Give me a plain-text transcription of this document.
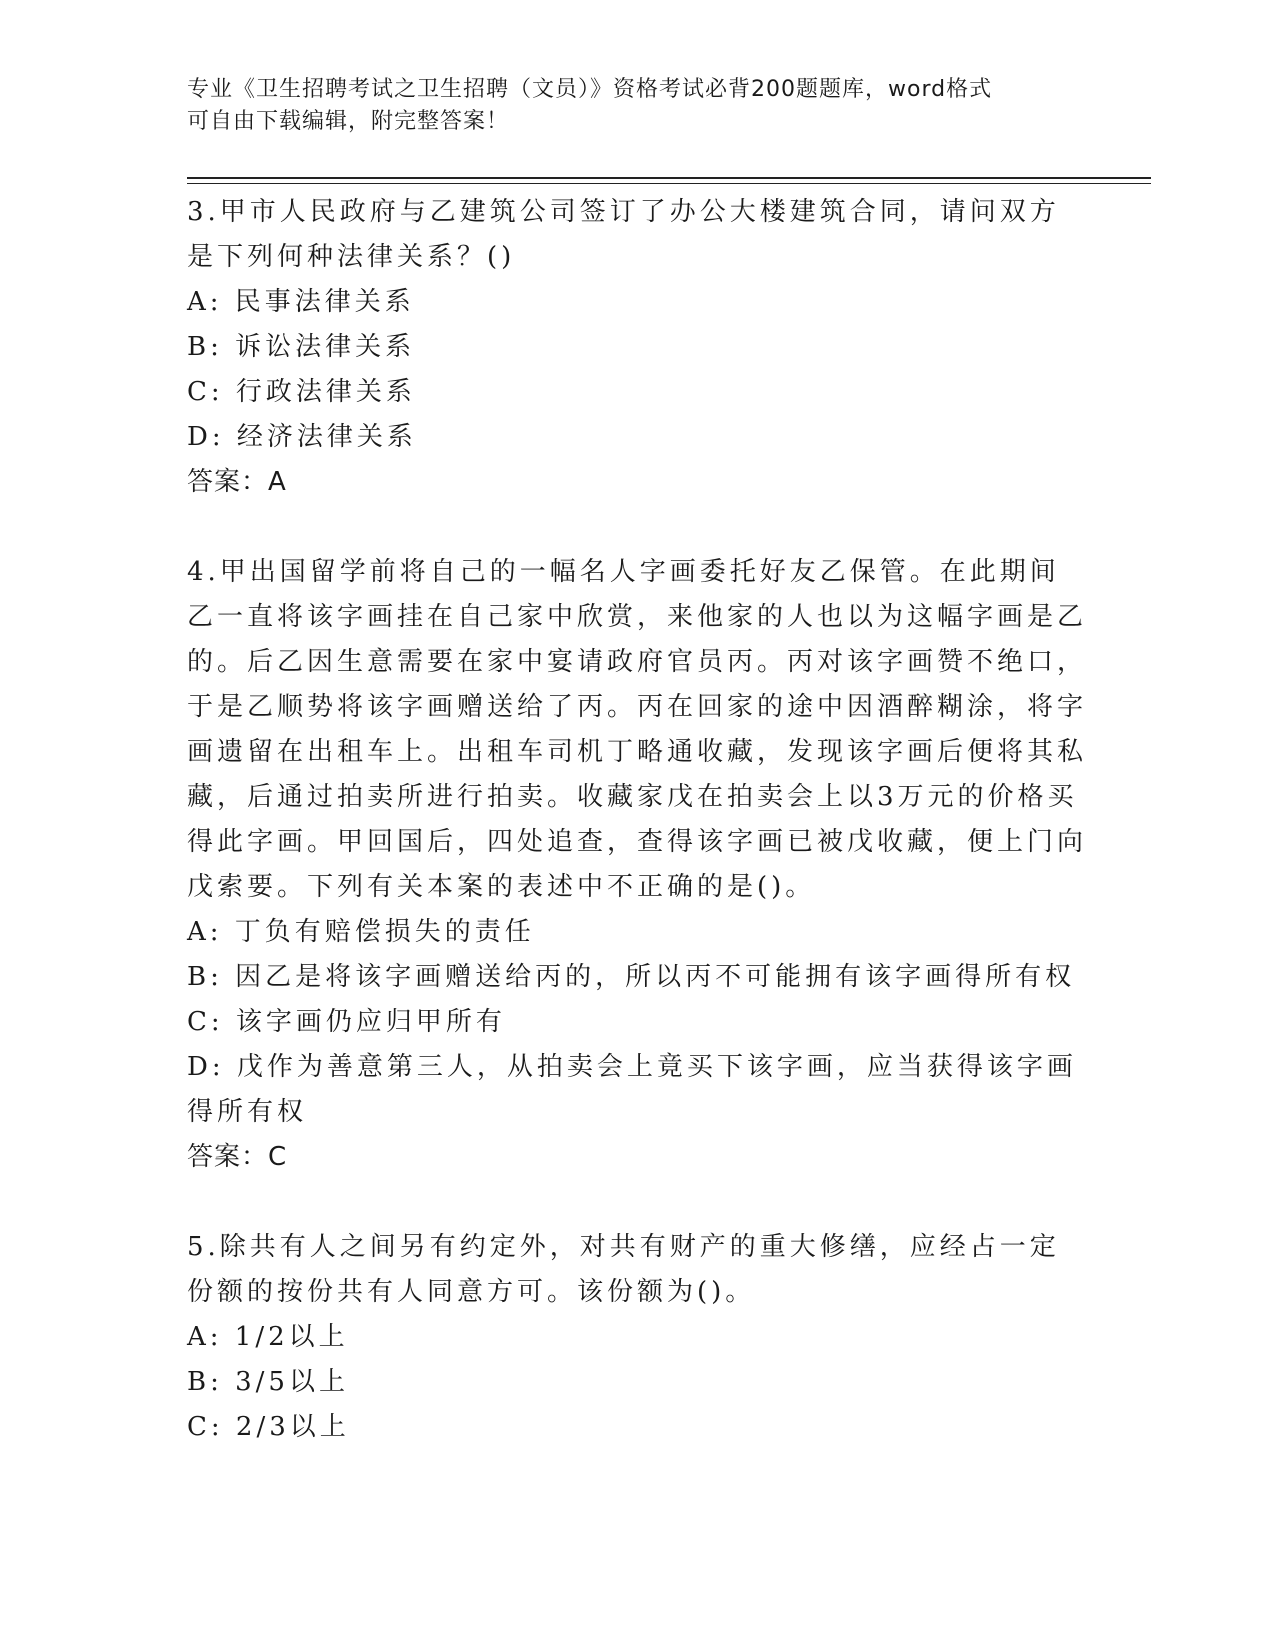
专业《卫生招聘考试之卫生招聘（文员）》资格考试必背200题题库，word格式
可自由下载编辑，附完整答案！
3.甲市人民政府与乙建筑公司签订了办公大楼建筑合同，请问双方是下列何种法律关系？()
A: 民事法律关系
B: 诉讼法律关系
C: 行政法律关系
D: 经济法律关系
答案：A
4.甲出国留学前将自己的一幅名人字画委托好友乙保管。在此期间乙一直将该字画挂在自己家中欣赏，来他家的人也以为这幅字画是乙的。后乙因生意需要在家中宴请政府官员丙。丙对该字画赞不绝口，于是乙顺势将该字画赠送给了丙。丙在回家的途中因酒醉糊涂，将字画遗留在出租车上。出租车司机丁略通收藏，发现该字画后便将其私藏，后通过拍卖所进行拍卖。收藏家戊在拍卖会上以3万元的价格买得此字画。甲回国后，四处追查，查得该字画已被戊收藏，便上门向戊索要。下列有关本案的表述中不正确的是()。
A: 丁负有赔偿损失的责任
B: 因乙是将该字画赠送给丙的，所以丙不可能拥有该字画得所有权
C: 该字画仍应归甲所有
D: 戊作为善意第三人，从拍卖会上竟买下该字画，应当获得该字画得所有权
答案：C
5.除共有人之间另有约定外，对共有财产的重大修缮，应经占一定份额的按份共有人同意方可。该份额为()。
A: 1/2以上
B: 3/5以上
C: 2/3以上
